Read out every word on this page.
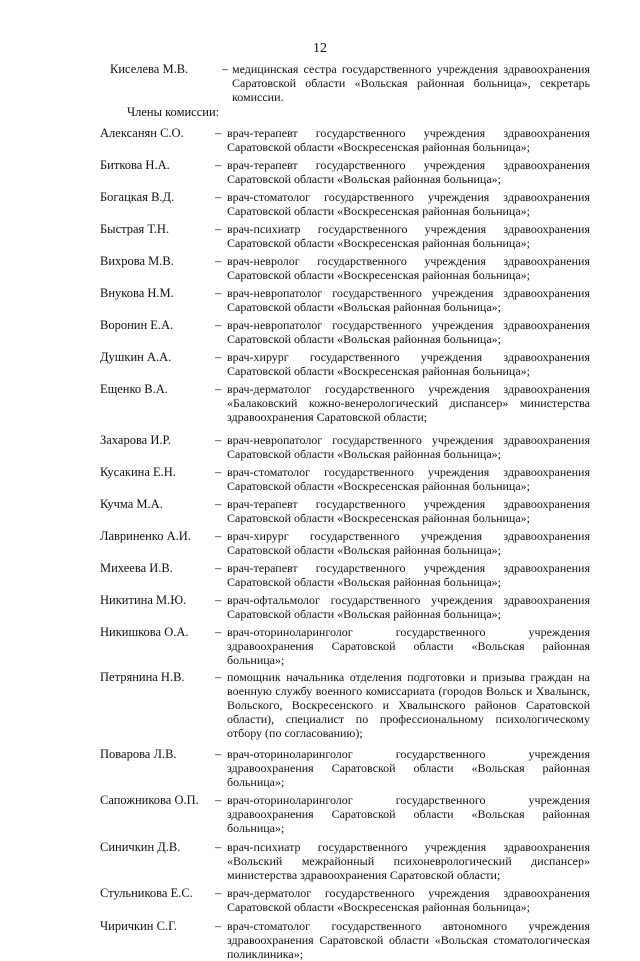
12
Киселева М.В.	– медицинская сестра государственного учреждения здравоохранения Саратовской области «Вольская районная больница», секретарь комиссии.
Члены комиссии:
Алексанян С.О.	– врач-терапевт государственного учреждения здравоохранения Саратовской области «Воскресенская районная больница»;
Биткова Н.А.	– врач-терапевт государственного учреждения здравоохранения Саратовской области «Вольская районная больница»;
Богацкая В.Д.	– врач-стоматолог государственного учреждения здравоохранения Саратовской области «Воскресенская районная больница»;
Быстрая Т.Н.	– врач-психиатр государственного учреждения здравоохранения Саратовской области «Воскресенская районная больница»;
Вихрова М.В.	– врач-невролог государственного учреждения здравоохранения Саратовской области «Воскресенская районная больница»;
Внукова Н.М.	– врач-невропатолог государственного учреждения здравоохранения Саратовской области «Вольская районная больница»;
Воронин Е.А.	– врач-невропатолог государственного учреждения здравоохранения Саратовской области «Вольская районная больница»;
Душкин А.А.	– врач-хирург государственного учреждения здравоохранения Саратовской области «Воскресенская районная больница»;
Ещенко В.А.	– врач-дерматолог государственного учреждения здравоохранения «Балаковский кожно-венерологический диспансер» министерства здравоохранения Саратовской области;
Захарова И.Р.	– врач-невропатолог государственного учреждения здравоохранения Саратовской области «Вольская районная больница»;
Кусакина Е.Н.	– врач-стоматолог государственного учреждения здравоохранения Саратовской области «Воскресенская районная больница»;
Кучма М.А.	– врач-терапевт государственного учреждения здравоохранения Саратовской области «Воскресенская районная больница»;
Лавриненко А.И. – врач-хирург государственного учреждения здравоохранения Саратовской области «Вольская районная больница»;
Михеева И.В.	– врач-терапевт государственного учреждения здравоохранения Саратовской области «Вольская районная больница»;
Никитина М.Ю. – врач-офтальмолог государственного учреждения здравоохранения Саратовской области «Вольская районная больница»;
Никишкова О.А. – врач-оториноларинголог государственного учреждения здравоохранения Саратовской области «Вольская районная больница»;
Петрянина Н.В. – помощник начальника отделения подготовки и призыва граждан на военную службу военного комиссариата (городов Вольск и Хвалынск, Вольского, Воскресенского и Хвалынского районов Саратовской области), специалист по профессиональному психологическому отбору (по согласованию);
Поварова Л.В.	– врач-оториноларинголог государственного учреждения здравоохранения Саратовской области «Вольская районная больница»;
Сапожникова О.П. – врач-оториноларинголог государственного учреждения здравоохранения Саратовской области «Вольская районная больница»;
Синичкин Д.В.	– врач-психиатр государственного учреждения здравоохранения «Вольский межрайонный психоневрологический диспансер» министерства здравоохранения Саратовской области;
Стульникова Е.С. – врач-дерматолог государственного учреждения здравоохранения Саратовской области «Воскресенская районная больница»;
Чиричкин С.Г.	– врач-стоматолог государственного автономного учреждения здравоохранения Саратовской области «Вольская стоматологическая поликлиника»;
